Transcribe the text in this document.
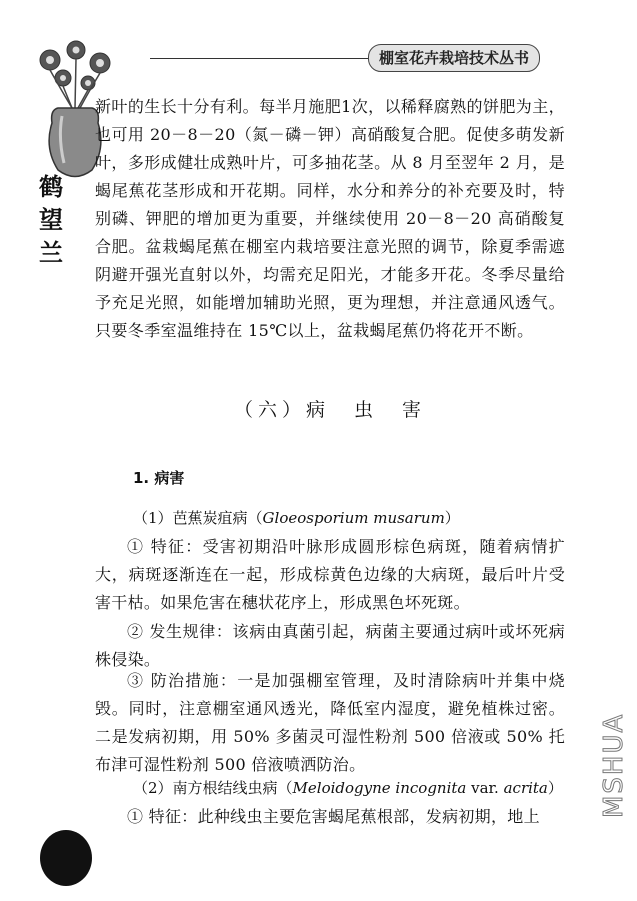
棚室花卉栽培技术丛书
鹤
望
兰

新叶的生长十分有利。每半月施肥1次，以稀释腐熟的饼肥为主，也可用 20－8－20（氮－磷－钾）高硝酸复合肥。促使多萌发新叶，多形成健壮成熟叶片，可多抽花茎。从 8 月至翌年 2 月，是蝎尾蕉花茎形成和开花期。同样，水分和养分的补充要及时，特别磷、钾肥的增加更为重要，并继续使用 20－8－20 高硝酸复合肥。盆栽蝎尾蕉在棚室内栽培要注意光照的调节，除夏季需遮阴避开强光直射以外，均需充足阳光，才能多开花。冬季尽量给予充足光照，如能增加辅助光照，更为理想，并注意通风透气。只要冬季室温维持在 15℃以上，盆栽蝎尾蕉仍将花开不断。

（六）病　虫　害
1. 病害
（1）芭蕉炭疽病（Gloeosporium musarum）

① 特征：受害初期沿叶脉形成圆形棕色病斑，随着病情扩大，病斑逐渐连在一起，形成棕黄色边缘的大病斑，最后叶片受害干枯。如果危害在穗状花序上，形成黑色坏死斑。

② 发生规律：该病由真菌引起，病菌主要通过病叶或坏死病株侵染。

③ 防治措施：一是加强棚室管理，及时清除病叶并集中烧毁。同时，注意棚室通风透光，降低室内湿度，避免植株过密。二是发病初期，用 50% 多菌灵可湿性粉剂 500 倍液或 50% 托布津可湿性粉剂 500 倍液喷洒防治。

（2）南方根结线虫病（Meloidogyne incognita var. acrita）

① 特征：此种线虫主要危害蝎尾蕉根部，发病初期，地上	MSHUA
